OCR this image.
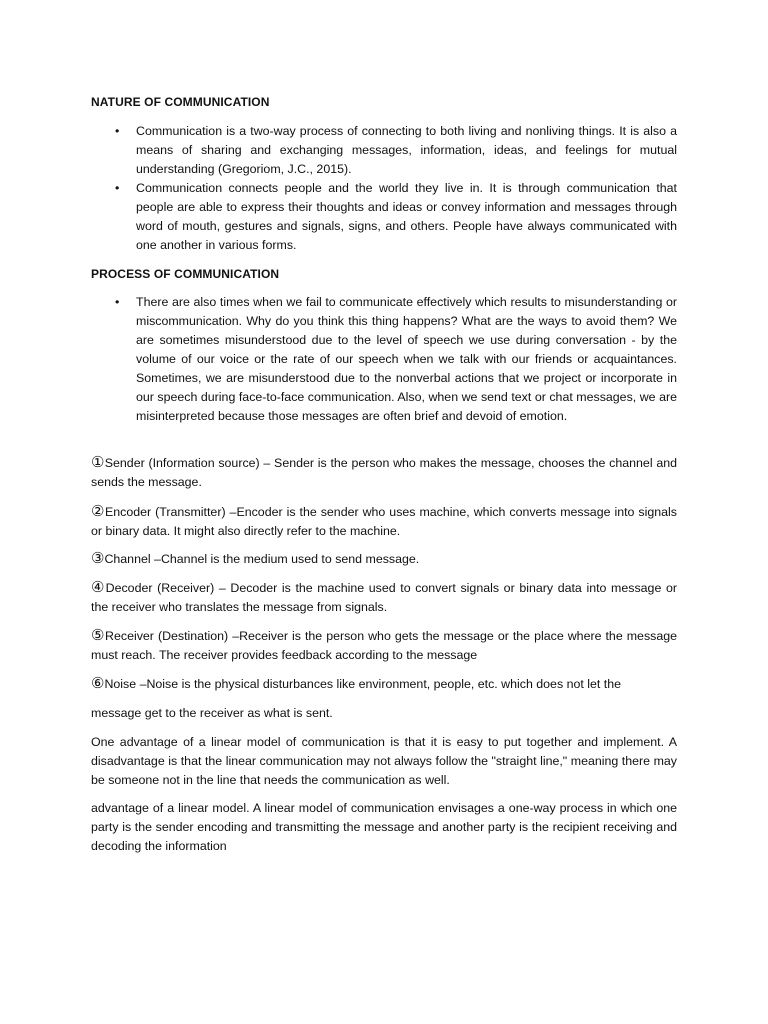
NATURE OF COMMUNICATION
• Communication is a two-way process of connecting to both living and nonliving things. It is also a means of sharing and exchanging messages, information, ideas, and feelings for mutual understanding (Gregoriom, J.C., 2015).
• Communication connects people and the world they live in. It is through communication that people are able to express their thoughts and ideas or convey information and messages through word of mouth, gestures and signals, signs, and others. People have always communicated with one another in various forms.
PROCESS OF COMMUNICATION
• There are also times when we fail to communicate effectively which results to misunderstanding or miscommunication. Why do you think this thing happens? What are the ways to avoid them? We are sometimes misunderstood due to the level of speech we use during conversation - by the volume of our voice or the rate of our speech when we talk with our friends or acquaintances. Sometimes, we are misunderstood due to the nonverbal actions that we project or incorporate in our speech during face-to-face communication. Also, when we send text or chat messages, we are misinterpreted because those messages are often brief and devoid of emotion.

①Sender (Information source) – Sender is the person who makes the message, chooses the channel and sends the message.

②Encoder (Transmitter) –Encoder is the sender who uses machine, which converts message into signals or binary data. It might also directly refer to the machine.

③Channel –Channel is the medium used to send message.

④Decoder (Receiver) – Decoder is the machine used to convert signals or binary data into message or the receiver who translates the message from signals.

⑤Receiver (Destination) –Receiver is the person who gets the message or the place where the message must reach. The receiver provides feedback according to the message

⑥Noise –Noise is the physical disturbances like environment, people, etc. which does not let the

message get to the receiver as what is sent.

One advantage of a linear model of communication is that it is easy to put together and implement. A disadvantage is that the linear communication may not always follow the "straight line," meaning there may be someone not in the line that needs the communication as well.

advantage of a linear model. A linear model of communication envisages a one-way process in which one party is the sender encoding and transmitting the message and another party is the recipient receiving and decoding the information
